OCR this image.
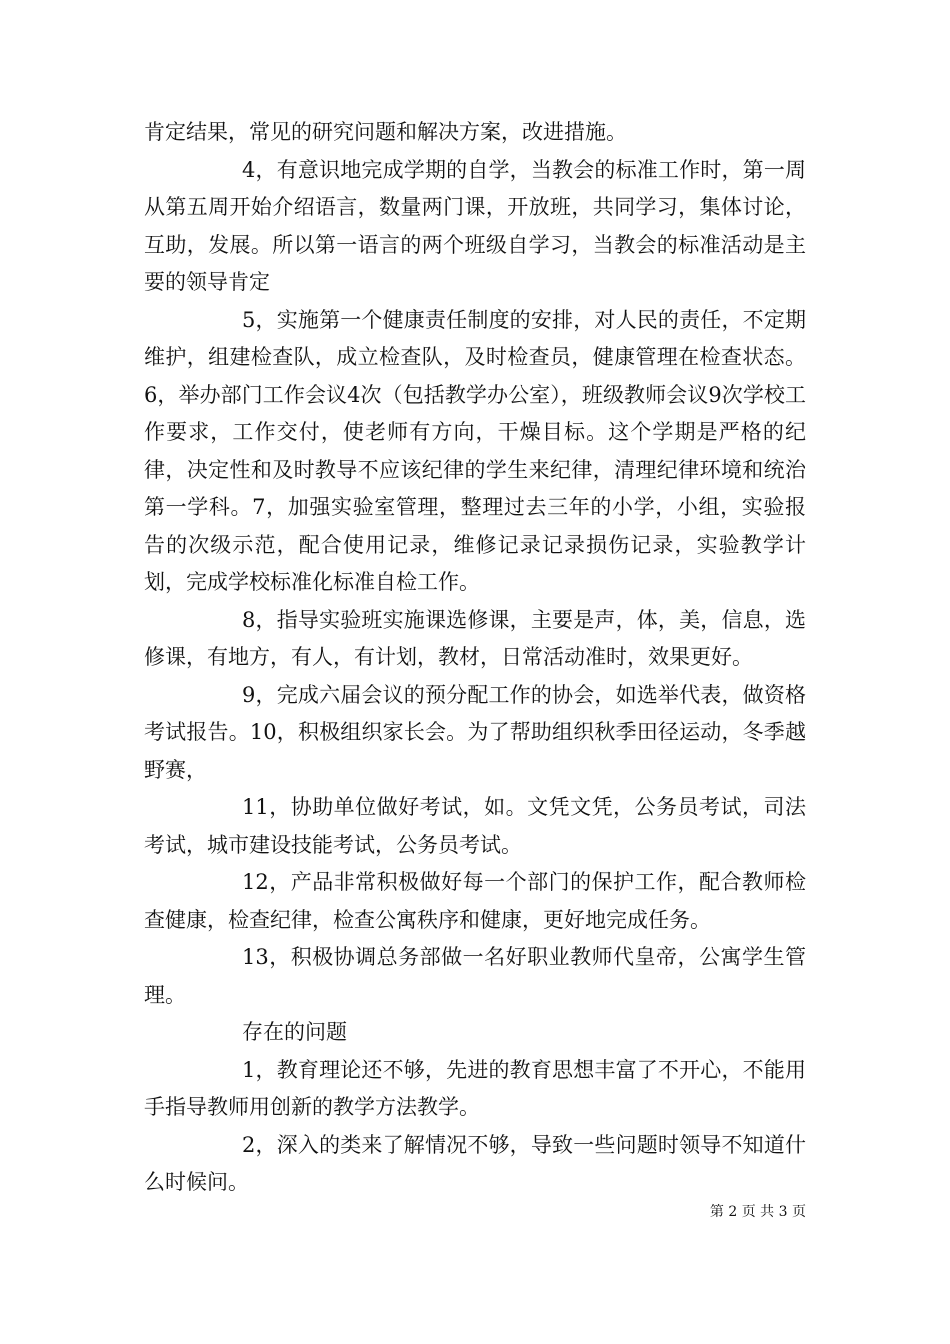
肯定结果，常见的研究问题和解决方案，改进措施。

4，有意识地完成学期的自学，当教会的标准工作时，第一周从第五周开始介绍语言，数量两门课，开放班，共同学习，集体讨论，互助，发展。所以第一语言的两个班级自学习，当教会的标准活动是主要的领导肯定

5，实施第一个健康责任制度的安排，对人民的责任，不定期维护，组建检查队，成立检查队，及时检查员，健康管理在检查状态。6，举办部门工作会议4次（包括教学办公室），班级教师会议9次学校工作要求，工作交付，使老师有方向，干燥目标。这个学期是严格的纪律，决定性和及时教导不应该纪律的学生来纪律，清理纪律环境和统治第一学科。7，加强实验室管理，整理过去三年的小学，小组，实验报告的次级示范，配合使用记录，维修记录记录损伤记录，实验教学计划，完成学校标准化标准自检工作。

8，指导实验班实施课选修课，主要是声，体，美，信息，选修课，有地方，有人，有计划，教材，日常活动准时，效果更好。

9，完成六届会议的预分配工作的协会，如选举代表，做资格考试报告。10，积极组织家长会。为了帮助组织秋季田径运动，冬季越野赛，

11，协助单位做好考试，如。文凭文凭，公务员考试，司法考试，城市建设技能考试，公务员考试。

12，产品非常积极做好每一个部门的保护工作，配合教师检查健康，检查纪律，检查公寓秩序和健康，更好地完成任务。

13，积极协调总务部做一名好职业教师代皇帝，公寓学生管理。

存在的问题

1，教育理论还不够，先进的教育思想丰富了不开心，不能用手指导教师用创新的教学方法教学。

2，深入的类来了解情况不够，导致一些问题时领导不知道什么时候问。

第 2 页 共 3 页
